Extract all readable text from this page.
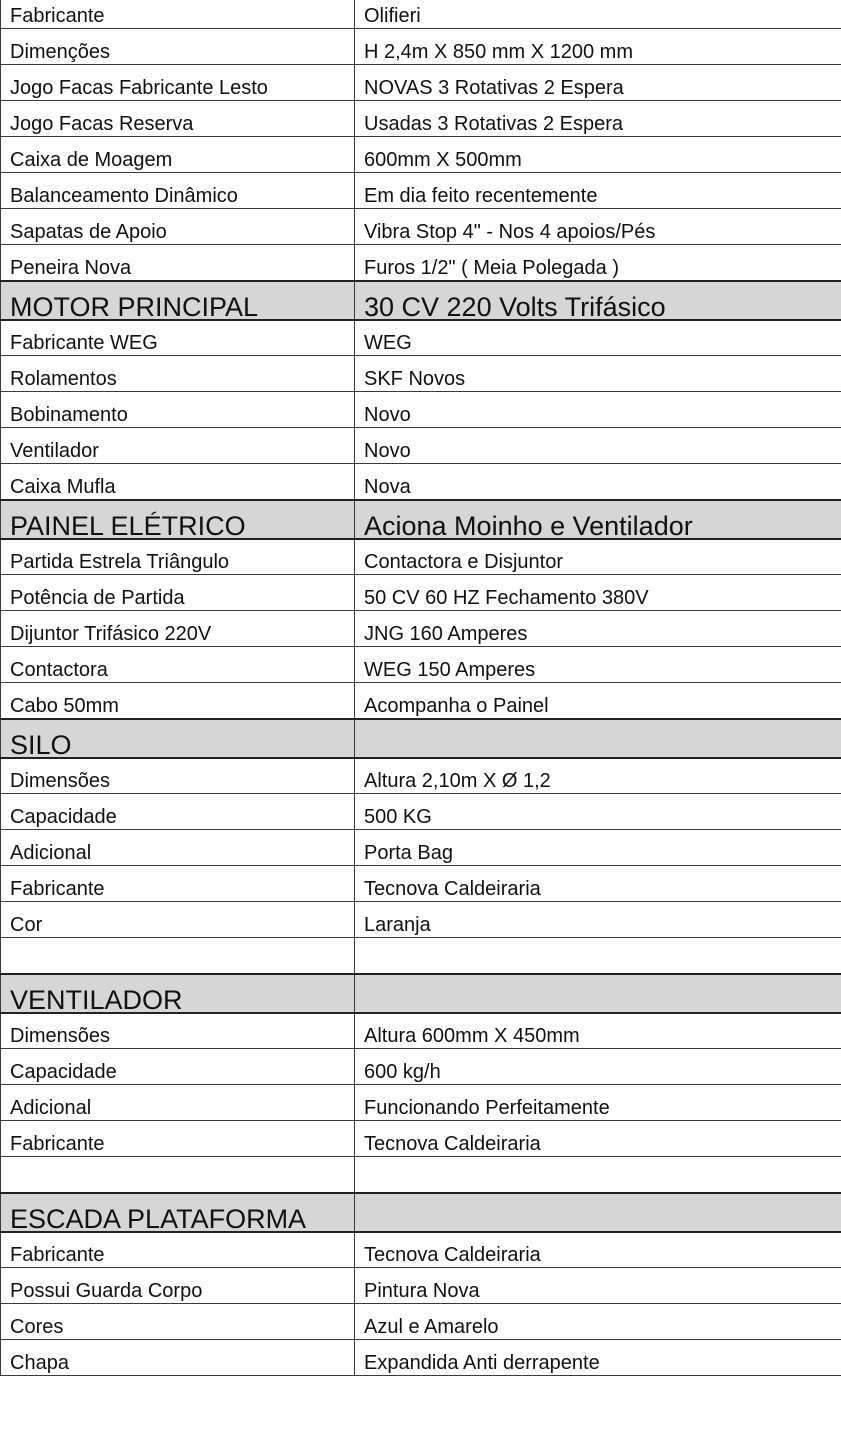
Fabricante	Olifieri
Dimenções	H 2,4m X 850 mm X 1200 mm
Jogo Facas Fabricante Lesto	NOVAS 3 Rotativas 2 Espera
Jogo Facas Reserva	Usadas 3 Rotativas 2 Espera
Caixa de Moagem	600mm X 500mm
Balanceamento Dinâmico	Em dia feito recentemente
Sapatas de Apoio	Vibra Stop 4" - Nos 4 apoios/Pés
Peneira Nova	Furos 1/2" ( Meia Polegada )
MOTOR PRINCIPAL	30 CV 220 Volts Trifásico
Fabricante WEG	WEG
Rolamentos	SKF Novos
Bobinamento	Novo
Ventilador	Novo
Caixa Mufla	Nova
PAINEL ELÉTRICO	Aciona Moinho e Ventilador
Partida Estrela Triângulo	Contactora e Disjuntor
Potência de Partida	50 CV 60 HZ Fechamento 380V
Dijuntor Trifásico 220V	JNG 160 Amperes
Contactora	WEG 150 Amperes
Cabo 50mm	Acompanha o Painel
SILO	
Dimensões	Altura 2,10m X Ø 1,2
Capacidade	500 KG
Adicional	Porta Bag
Fabricante	Tecnova Caldeiraria
Cor	Laranja

VENTILADOR	
Dimensões	Altura 600mm X 450mm
Capacidade	600 kg/h
Adicional	Funcionando Perfeitamente
Fabricante	Tecnova Caldeiraria

ESCADA PLATAFORMA	
Fabricante	Tecnova Caldeiraria
Possui Guarda Corpo	Pintura Nova
Cores	Azul e Amarelo
Chapa	Expandida Anti derrapente
